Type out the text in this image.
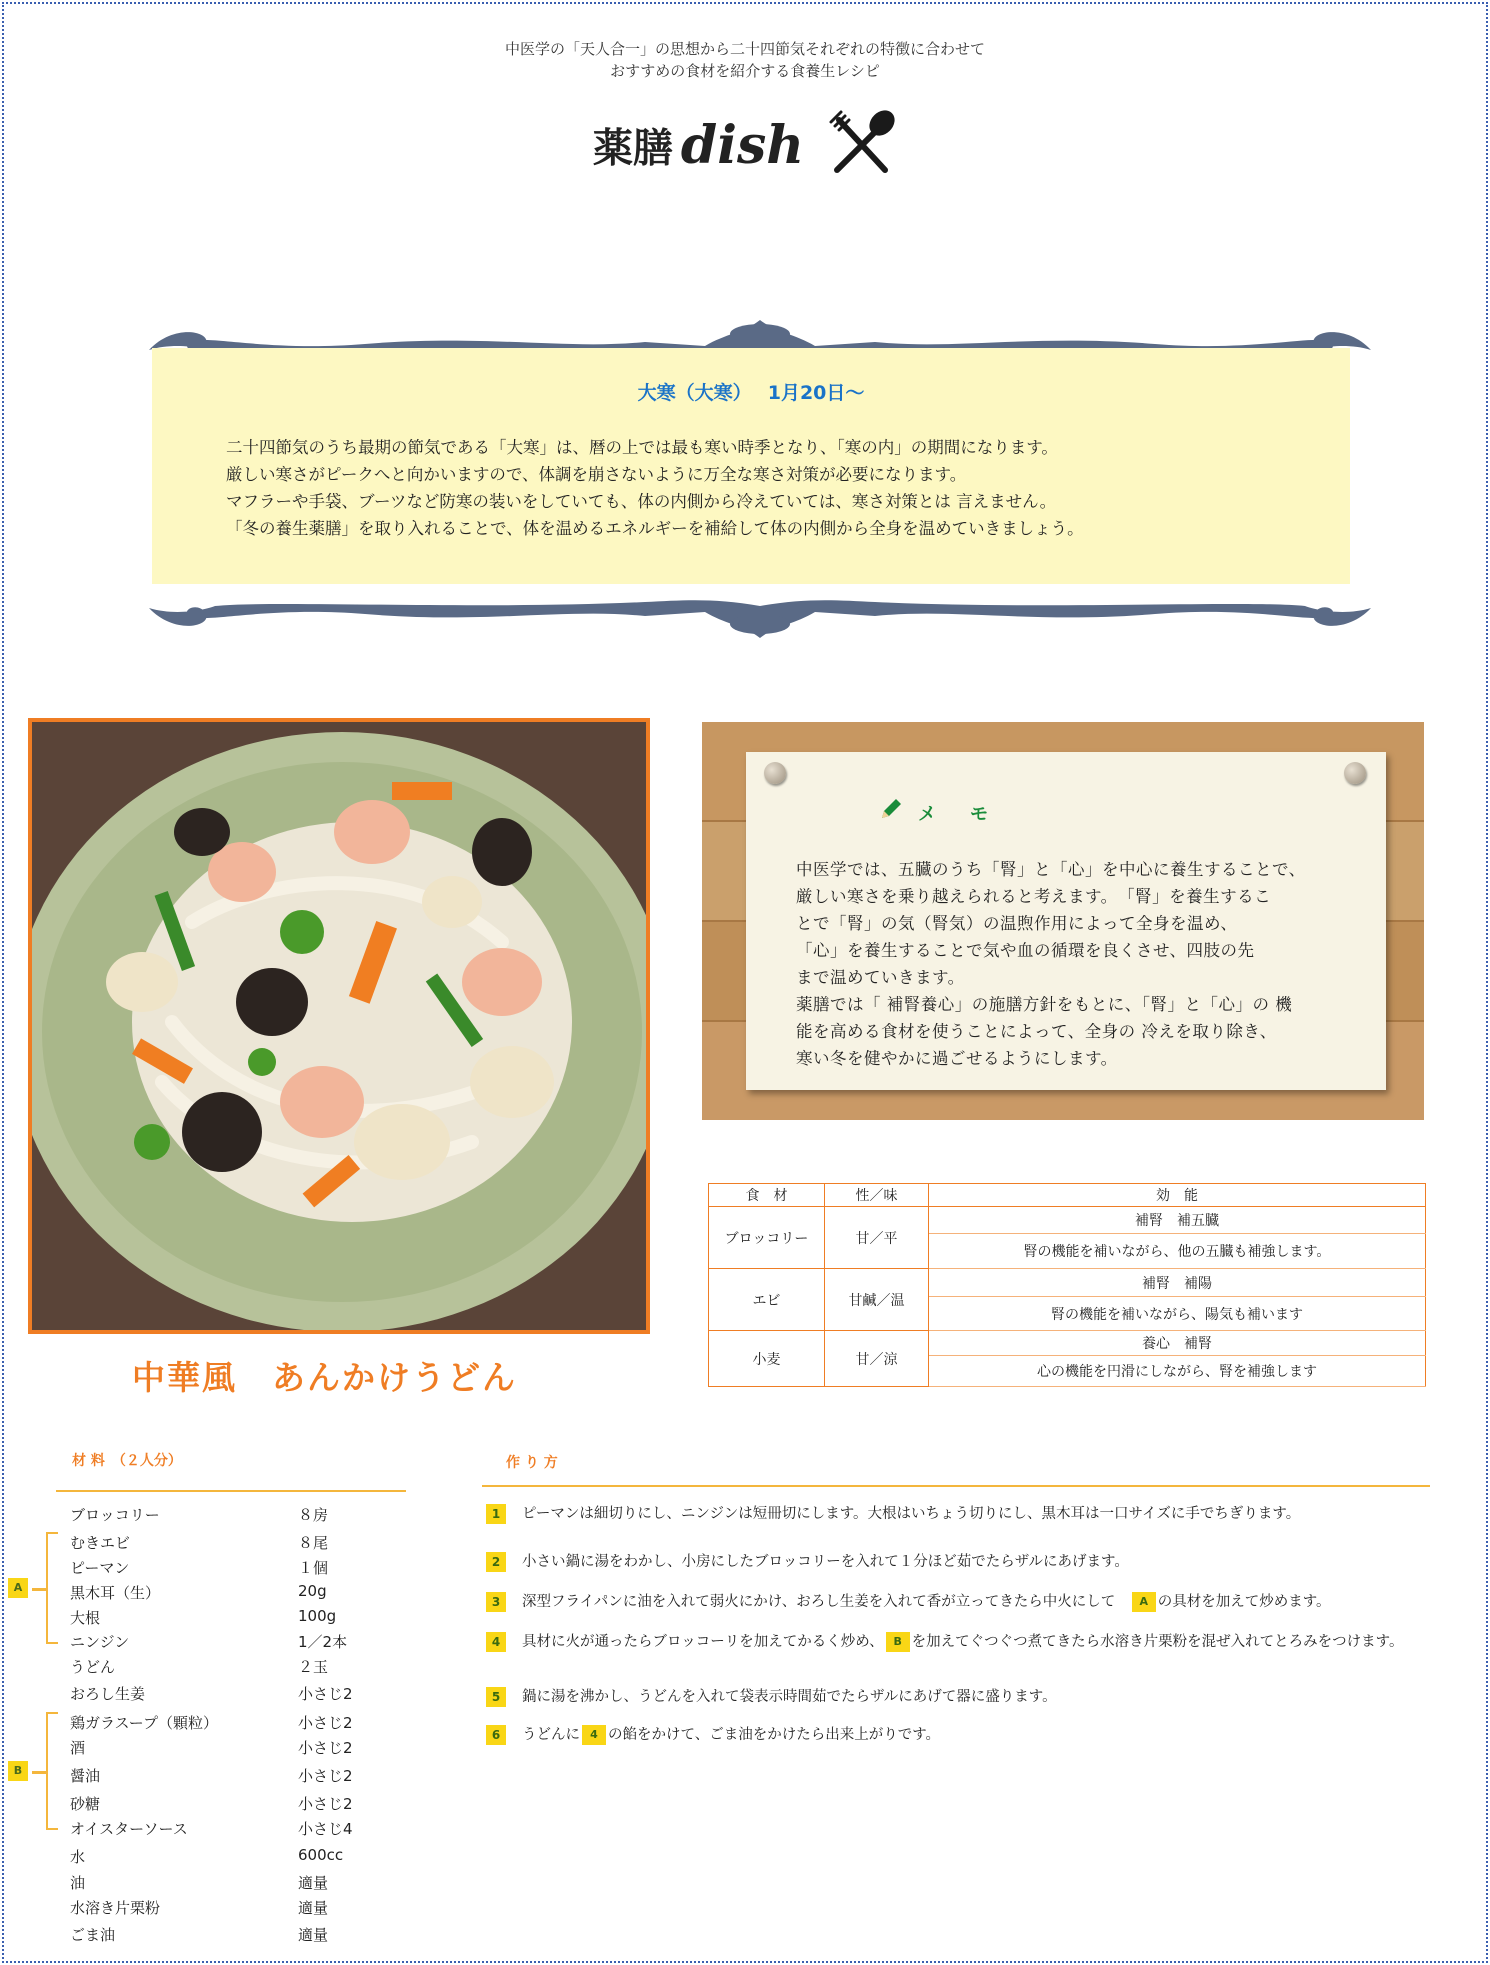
中医学の「天人合一」の思想から二十四節気それぞれの特徴に合わせて
おすすめの食材を紹介する食養生レシピ
薬膳 dish
大寒（大寒）　 1月20日～
二十四節気のうち最期の節気である「大寒」は、暦の上では最も寒い時季となり、「寒の内」の期間になります。
厳しい寒さがピークへと向かいますので、体調を崩さないように万全な寒さ対策が必要になります。
マフラーや手袋、ブーツなど防寒の装いをしていても、体の内側から冷えていては、寒さ対策とは 言えません。
「冬の養生薬膳」を取り入れることで、体を温めるエネルギーを補給して体の内側から全身を温めていきましょう。
中華風　あんかけうどん
メ　モ
中医学では、五臓のうち「腎」と「心」を中心に養生することで、
厳しい寒さを乗り越えられると考えます。　「腎」を養生するこ
とで「腎」の気（腎気）の温煦作用によって全身を温め、
「心」を養生することで気や血の循環を良くさせ、四肢の先
まで温めていきます。
薬膳では「 補腎養心」の施膳方針をもとに、「腎」と「心」の 機
能を高める食材を使うことによって、全身の 冷えを取り除き、
寒い冬を健やかに過ごせるようにします。
食　材	性／味	効　能
ブロッコリー	甘／平	補腎　補五臓
		腎の機能を補いながら、他の五臓も補強します。
エビ	甘鹹／温	補腎　補陽
		腎の機能を補いながら、陽気も補います
小麦	甘／涼	養心　補腎
		心の機能を円滑にしながら、腎を補強します
材 料　（２人分）
ブロッコリー	８房
むきエビ	８尾
ピーマン	１個
黒木耳（生）	20g
大根	100g
ニンジン	1／2本
うどん	２玉
おろし生姜	小さじ2
鶏ガラスープ（顆粒）	小さじ2
酒	小さじ2
醤油	小さじ2
砂糖	小さじ2
オイスターソース	小さじ4
水	600cc
油	適量
水溶き片栗粉	適量
ごま油	適量
A
B
作 り 方
1	ピーマンは細切りにし、ニンジンは短冊切にします。大根はいちょう切りにし、黒木耳は一口サイズに手でちぎります。
2	小さい鍋に湯をわかし、小房にしたブロッコリーを入れて１分ほど茹でたらザルにあげます。
3	深型フライパンに油を入れて弱火にかけ、おろし生姜を入れて香が立ってきたら中火にして　A の具材を加えて炒めます。
4	具材に火が通ったらブロッコーリを加えてかるく炒め、 B を加えてぐつぐつ煮てきたら水溶き片栗粉を混ぜ入れてとろみをつけます。
5	鍋に湯を沸かし、うどんを入れて袋表示時間茹でたらザルにあげて器に盛ります。
6	うどんに 4 の餡をかけて、ごま油をかけたら出来上がりです。
